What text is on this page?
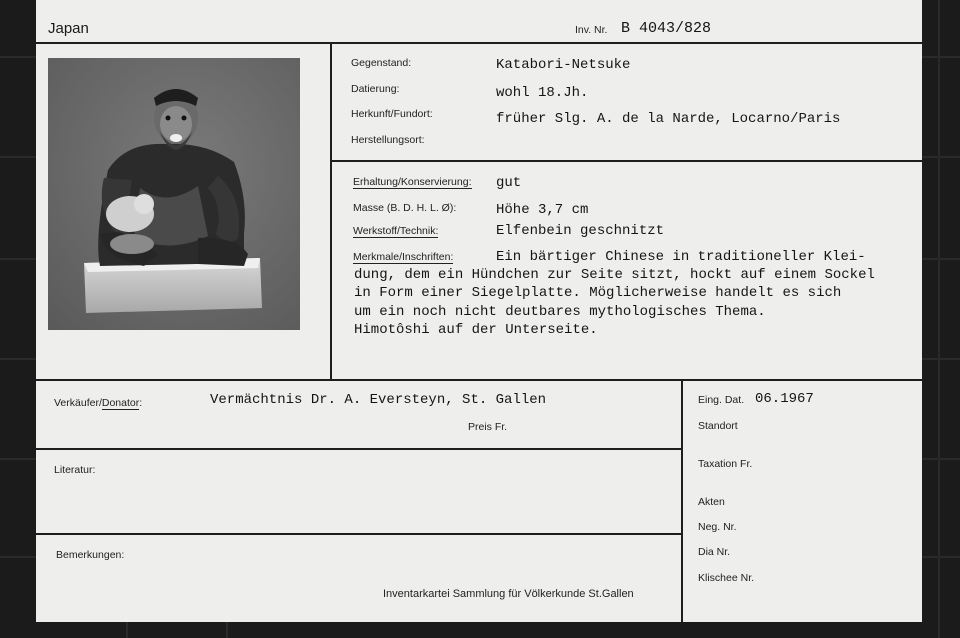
Japan	Inv. Nr. B 4043/828
Gegenstand:	Katabori-Netsuke
Datierung:	wohl 18.Jh.
Herkunft/Fundort:	früher Slg. A. de la Narde, Locarno/Paris
Herstellungsort:
Erhaltung/Konservierung: gut
Masse (B. D. H. L. Ø):	Höhe 3,7 cm
Werkstoff/Technik:	Elfenbein geschnitzt
Merkmale/Inschriften:	Ein bärtiger Chinese in traditioneller Klei-
dung, dem ein Hündchen zur Seite sitzt, hockt auf einem Sockel
in Form einer Siegelplatte. Möglicherweise handelt es sich
um ein noch nicht deutbares mythologisches Thema.
Himotôshi auf der Unterseite.
Verkäufer/Donator:	Vermächtnis Dr. A. Eversteyn, St. Gallen
Preis Fr.
Literatur:
Bemerkungen:
Inventarkartei Sammlung für Völkerkunde St.Gallen
Eing. Dat. 06.1967
Standort
Taxation Fr.
Akten
Neg. Nr.
Dia Nr.
Klischee Nr.
